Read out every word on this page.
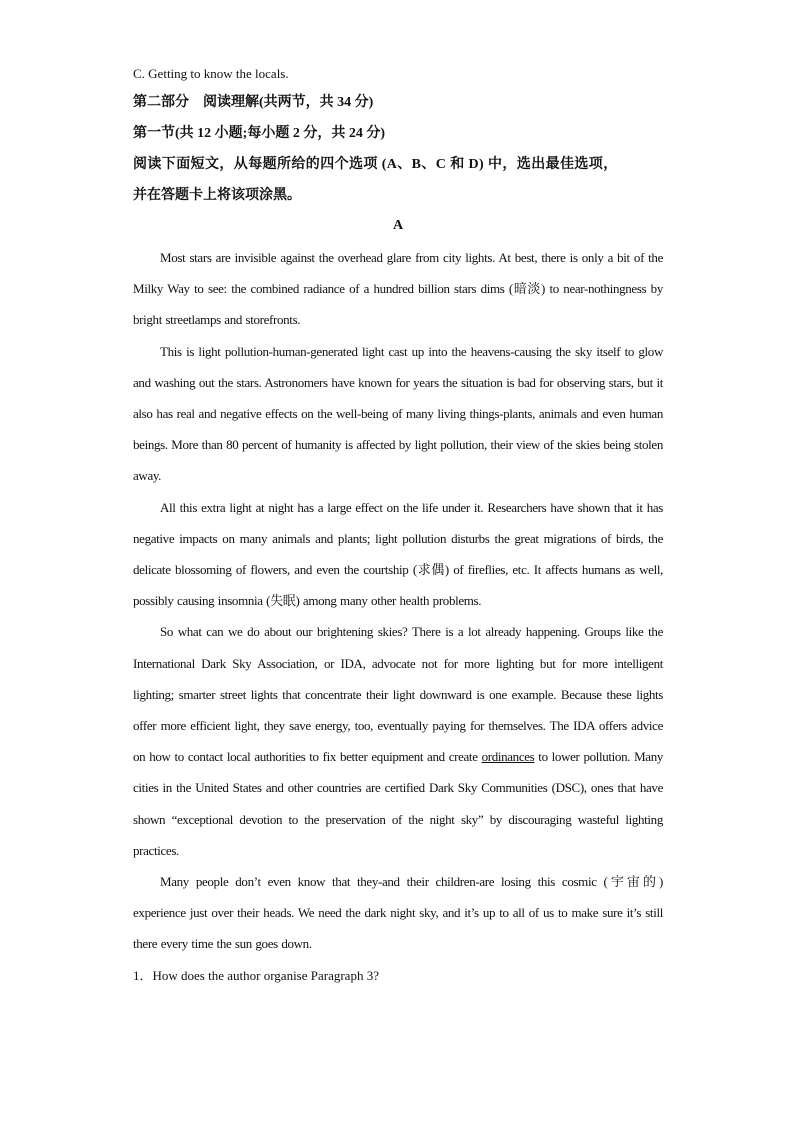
C. Getting to know the locals.

第二部分　阅读理解(共两节，共 34 分)

第一节(共 12 小题;每小题 2 分，共 24 分)

阅读下面短文，从每题所给的四个选项 (A、B、C 和 D) 中，选出最佳选项，

并在答题卡上将该项涂黑。

A

Most stars are invisible against the overhead glare from city lights. At best, there is only a bit of the Milky Way to see: the combined radiance of a hundred billion stars dims (暗淡) to near-nothingness by bright streetlamps and storefronts.

This is light pollution-human-generated light cast up into the heavens-causing the sky itself to glow and washing out the stars. Astronomers have known for years the situation is bad for observing stars, but it also has real and negative effects on the well-being of many living things-plants, animals and even human beings. More than 80 percent of humanity is affected by light pollution, their view of the skies being stolen away.

All this extra light at night has a large effect on the life under it. Researchers have shown that it has negative impacts on many animals and plants; light pollution disturbs the great migrations of birds, the delicate blossoming of flowers, and even the courtship (求偶) of fireflies, etc. It affects humans as well, possibly causing insomnia (失眠) among many other health problems.

So what can we do about our brightening skies? There is a lot already happening. Groups like the International Dark Sky Association, or IDA, advocate not for more lighting but for more intelligent lighting; smarter street lights that concentrate their light downward is one example. Because these lights offer more efficient light, they save energy, too, eventually paying for themselves. The IDA offers advice on how to contact local authorities to fix better equipment and create ordinances to lower pollution. Many cities in the United States and other countries are certified Dark Sky Communities (DSC), ones that have shown “exceptional devotion to the preservation of the night sky” by discouraging wasteful lighting practices.

Many people don’t even know that they-and their children-are losing this cosmic (宇宙的) experience just over their heads. We need the dark night sky, and it’s up to all of us to make sure it’s still there every time the sun goes down.

1．How does the author organise Paragraph 3?
